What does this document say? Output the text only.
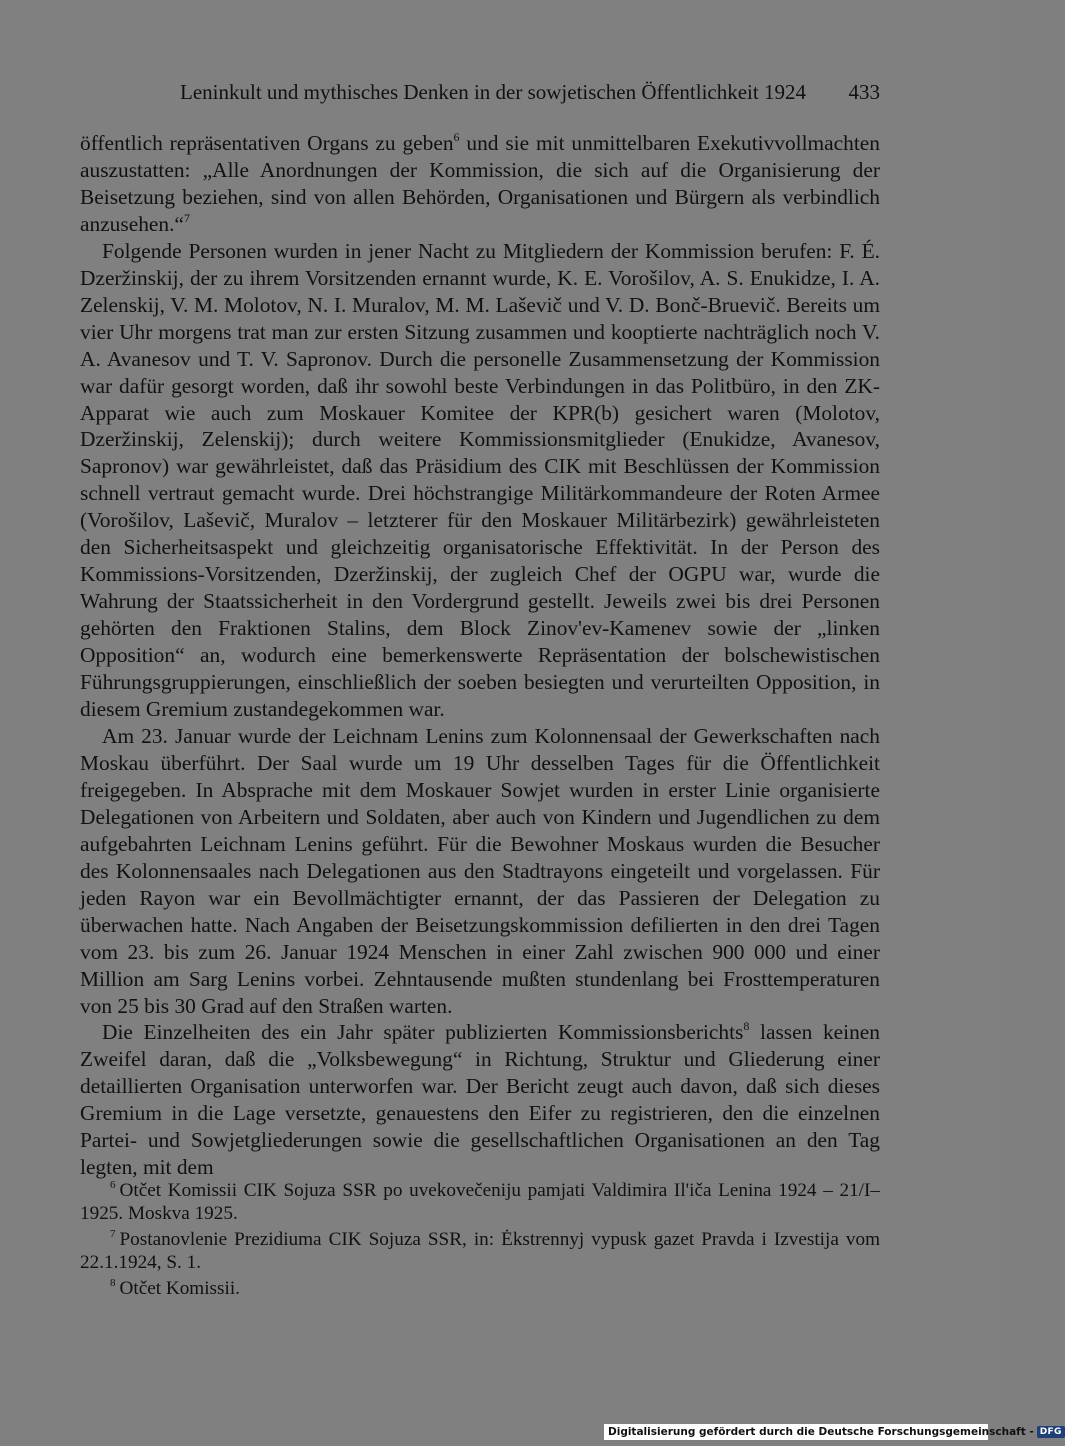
Leninkult und mythisches Denken in der sowjetischen Öffentlichkeit 1924 433

öffentlich repräsentativen Organs zu geben$^6$ und sie mit unmittelbaren Exekutivvollmachten auszustatten: „Alle Anordnungen der Kommission, die sich auf die Organisierung der Beisetzung beziehen, sind von allen Behörden, Organisationen und Bürgern als verbindlich anzusehen.“$^7$

Folgende Personen wurden in jener Nacht zu Mitgliedern der Kommission berufen: F. É. Dzeržinskij, der zu ihrem Vorsitzenden ernannt wurde, K. E. Vorošilov, A. S. Enukidze, I. A. Zelenskij, V. M. Molotov, N. I. Muralov, M. M. Laševič und V. D. Bonč-Bruevič. Bereits um vier Uhr morgens trat man zur ersten Sitzung zusammen und kooptierte nachträglich noch V. A. Avanesov und T. V. Sapronov. Durch die personelle Zusammensetzung der Kommission war dafür gesorgt worden, daß ihr sowohl beste Verbindungen in das Politbüro, in den ZK-Apparat wie auch zum Moskauer Komitee der KPR(b) gesichert waren (Molotov, Dzeržinskij, Zelenskij); durch weitere Kommissionsmitglieder (Enukidze, Avanesov, Sapronov) war gewährleistet, daß das Präsidium des CIK mit Beschlüssen der Kommission schnell vertraut gemacht wurde. Drei höchstrangige Militärkommandeure der Roten Armee (Vorošilov, Laševič, Muralov – letzterer für den Moskauer Militärbezirk) gewährleisteten den Sicherheitsaspekt und gleichzeitig organisatorische Effektivität. In der Person des Kommissions-Vorsitzenden, Dzeržinskij, der zugleich Chef der OGPU war, wurde die Wahrung der Staatssicherheit in den Vordergrund gestellt. Jeweils zwei bis drei Personen gehörten den Fraktionen Stalins, dem Block Zinov'ev-Kamenev sowie der „linken Opposition“ an, wodurch eine bemerkenswerte Repräsentation der bolschewistischen Führungsgruppierungen, einschließlich der soeben besiegten und verurteilten Opposition, in diesem Gremium zustandegekommen war.

Am 23. Januar wurde der Leichnam Lenins zum Kolonnensaal der Gewerkschaften nach Moskau überführt. Der Saal wurde um 19 Uhr desselben Tages für die Öffentlichkeit freigegeben. In Absprache mit dem Moskauer Sowjet wurden in erster Linie organisierte Delegationen von Arbeitern und Soldaten, aber auch von Kindern und Jugendlichen zu dem aufgebahrten Leichnam Lenins geführt. Für die Bewohner Moskaus wurden die Besucher des Kolonnensaales nach Delegationen aus den Stadtrayons eingeteilt und vorgelassen. Für jeden Rayon war ein Bevollmächtigter ernannt, der das Passieren der Delegation zu überwachen hatte. Nach Angaben der Beisetzungskommission defilierten in den drei Tagen vom 23. bis zum 26. Januar 1924 Menschen in einer Zahl zwischen 900 000 und einer Million am Sarg Lenins vorbei. Zehntausende mußten stundenlang bei Frosttemperaturen von 25 bis 30 Grad auf den Straßen warten.

Die Einzelheiten des ein Jahr später publizierten Kommissionsberichts$^8$ lassen keinen Zweifel daran, daß die „Volksbewegung“ in Richtung, Struktur und Gliederung einer detaillierten Organisation unterworfen war. Der Bericht zeugt auch davon, daß sich dieses Gremium in die Lage versetzte, genauestens den Eifer zu registrieren, den die einzelnen Partei- und Sowjetgliederungen sowie die gesellschaftlichen Organisationen an den Tag legten, mit dem

$^6$ Otčet Komissii CIK Sojuza SSR po uvekovečeniju pamjati Valdimira Il'iča Lenina 1924 – 21/I–1925. Moskva 1925.

$^7$ Postanovlenie Prezidiuma CIK Sojuza SSR, in: Ėkstrennyj vypusk gazet Pravda i Izvestija vom 22.1.1924, S. 1.

$^8$ Otčet Komissii.

Digitalisierung gefördert durch die Deutsche Forschungsgemeinschaft - DFG
